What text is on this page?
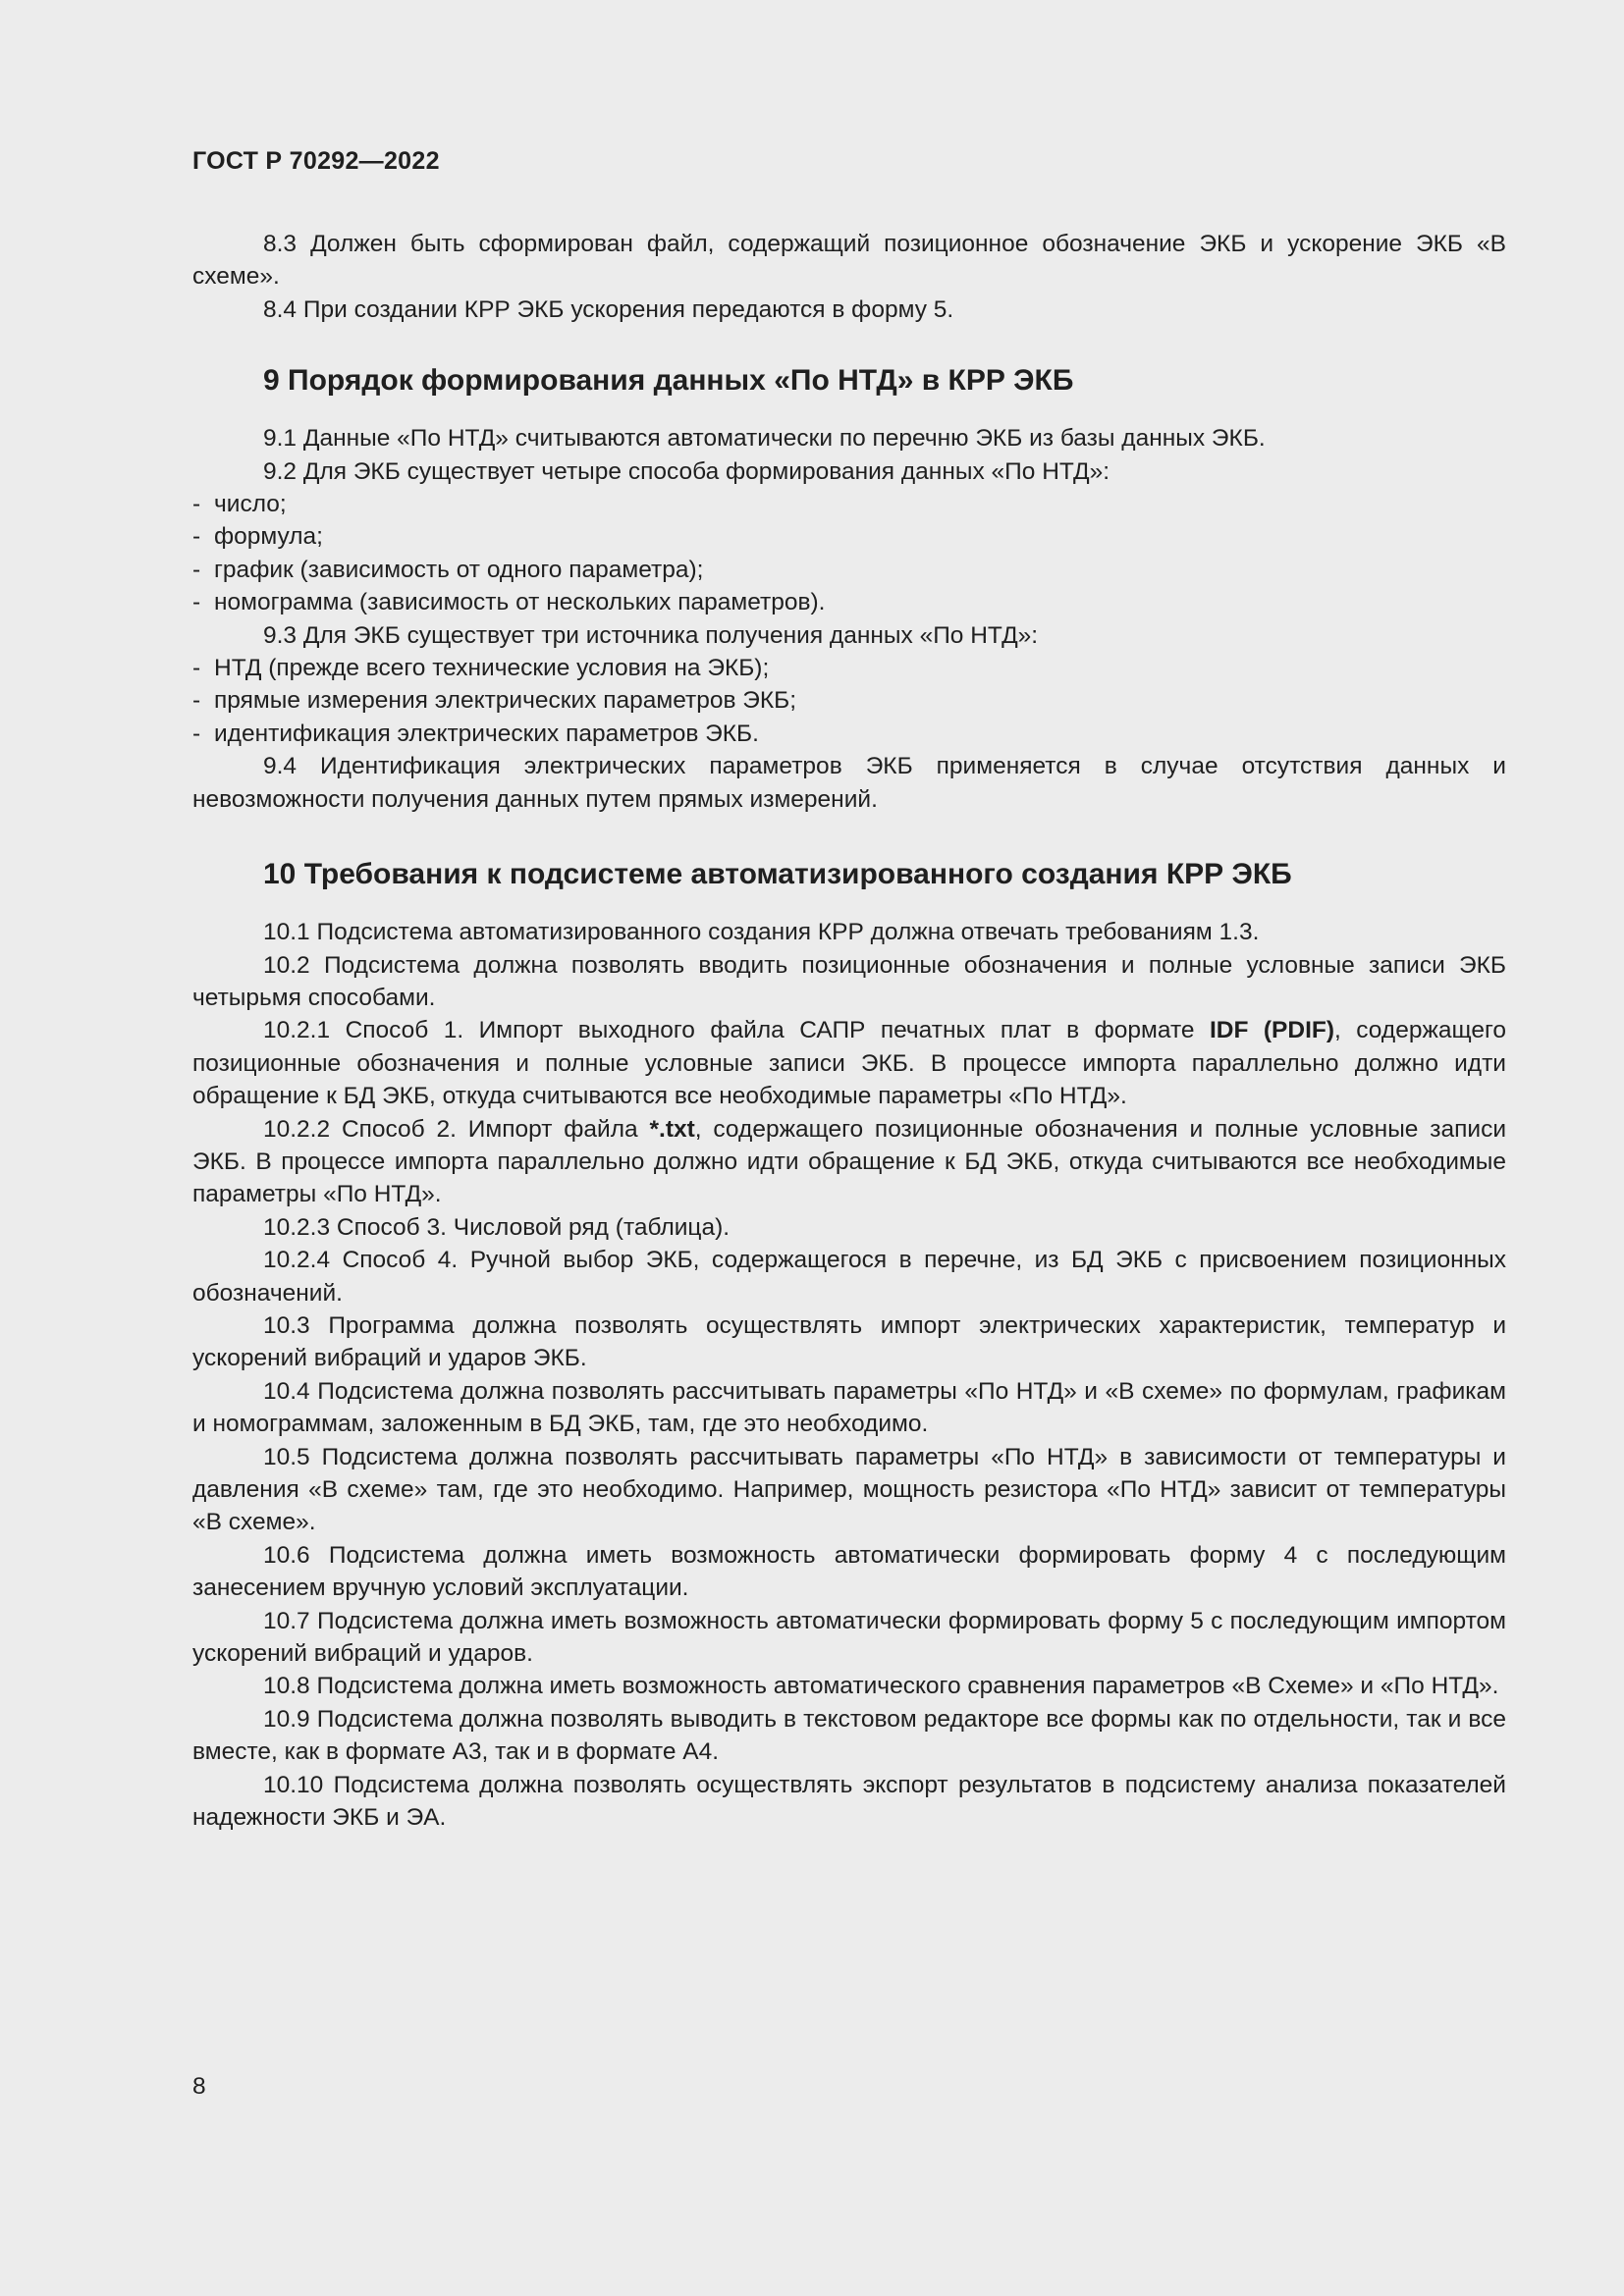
ГОСТ Р 70292—2022
8.3 Должен быть сформирован файл, содержащий позиционное обозначение ЭКБ и ускорение ЭКБ «В схеме».
8.4 При создании КРР ЭКБ ускорения передаются в форму 5.
9 Порядок формирования данных «По НТД» в КРР ЭКБ
9.1 Данные «По НТД» считываются автоматически по перечню ЭКБ из базы данных ЭКБ.
9.2 Для ЭКБ существует четыре способа формирования данных «По НТД»:
- число;
- формула;
- график (зависимость от одного параметра);
- номограмма (зависимость от нескольких параметров).
9.3 Для ЭКБ существует три источника получения данных «По НТД»:
- НТД (прежде всего технические условия на ЭКБ);
- прямые измерения электрических параметров ЭКБ;
- идентификация электрических параметров ЭКБ.
9.4 Идентификация электрических параметров ЭКБ применяется в случае отсутствия данных и невозможности получения данных путем прямых измерений.
10 Требования к подсистеме автоматизированного создания КРР ЭКБ
10.1 Подсистема автоматизированного создания КРР должна отвечать требованиям 1.3.
10.2 Подсистема должна позволять вводить позиционные обозначения и полные условные записи ЭКБ четырьмя способами.
10.2.1 Способ 1. Импорт выходного файла САПР печатных плат в формате IDF (PDIF), содержащего позиционные обозначения и полные условные записи ЭКБ. В процессе импорта параллельно должно идти обращение к БД ЭКБ, откуда считываются все необходимые параметры «По НТД».
10.2.2 Способ 2. Импорт файла *.txt, содержащего позиционные обозначения и полные условные записи ЭКБ. В процессе импорта параллельно должно идти обращение к БД ЭКБ, откуда считываются все необходимые параметры «По НТД».
10.2.3 Способ 3. Числовой ряд (таблица).
10.2.4 Способ 4. Ручной выбор ЭКБ, содержащегося в перечне, из БД ЭКБ с присвоением позиционных обозначений.
10.3 Программа должна позволять осуществлять импорт электрических характеристик, температур и ускорений вибраций и ударов ЭКБ.
10.4 Подсистема должна позволять рассчитывать параметры «По НТД» и «В схеме» по формулам, графикам и номограммам, заложенным в БД ЭКБ, там, где это необходимо.
10.5 Подсистема должна позволять рассчитывать параметры «По НТД» в зависимости от температуры и давления «В схеме» там, где это необходимо. Например, мощность резистора «По НТД» зависит от температуры «В схеме».
10.6 Подсистема должна иметь возможность автоматически формировать форму 4 с последующим занесением вручную условий эксплуатации.
10.7 Подсистема должна иметь возможность автоматически формировать форму 5 с последующим импортом ускорений вибраций и ударов.
10.8 Подсистема должна иметь возможность автоматического сравнения параметров «В Схеме» и «По НТД».
10.9 Подсистема должна позволять выводить в текстовом редакторе все формы как по отдельности, так и все вместе, как в формате А3, так и в формате А4.
10.10 Подсистема должна позволять осуществлять экспорт результатов в подсистему анализа показателей надежности ЭКБ и ЭА.
8
